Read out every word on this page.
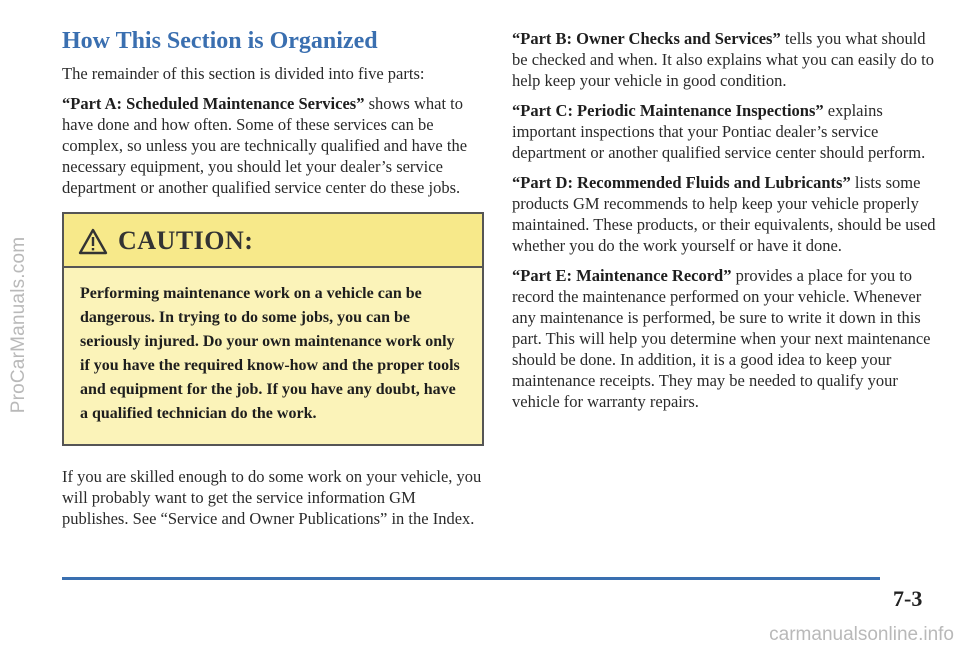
ProCarManuals.com
How This Section is Organized

The remainder of this section is divided into five parts:

“Part A: Scheduled Maintenance Services” shows what to have done and how often. Some of these services can be complex, so unless you are technically qualified and have the necessary equipment, you should let your dealer’s service department or another qualified service center do these jobs.

CAUTION:

Performing maintenance work on a vehicle can be dangerous. In trying to do some jobs, you can be seriously injured. Do your own maintenance work only if you have the required know-how and the proper tools and equipment for the job. If you have any doubt, have a qualified technician do the work.

If you are skilled enough to do some work on your vehicle, you will probably want to get the service information GM publishes. See “Service and Owner Publications” in the Index.

“Part B: Owner Checks and Services” tells you what should be checked and when. It also explains what you can easily do to help keep your vehicle in good condition.

“Part C: Periodic Maintenance Inspections” explains important inspections that your Pontiac dealer’s service department or another qualified service center should perform.

“Part D: Recommended Fluids and Lubricants” lists some products GM recommends to help keep your vehicle properly maintained. These products, or their equivalents, should be used whether you do the work yourself or have it done.

“Part E: Maintenance Record” provides a place for you to record the maintenance performed on your vehicle. Whenever any maintenance is performed, be sure to write it down in this part. This will help you determine when your next maintenance should be done. In addition, it is a good idea to keep your maintenance receipts. They may be needed to qualify your vehicle for warranty repairs.

7-3
carmanualsonline.info
